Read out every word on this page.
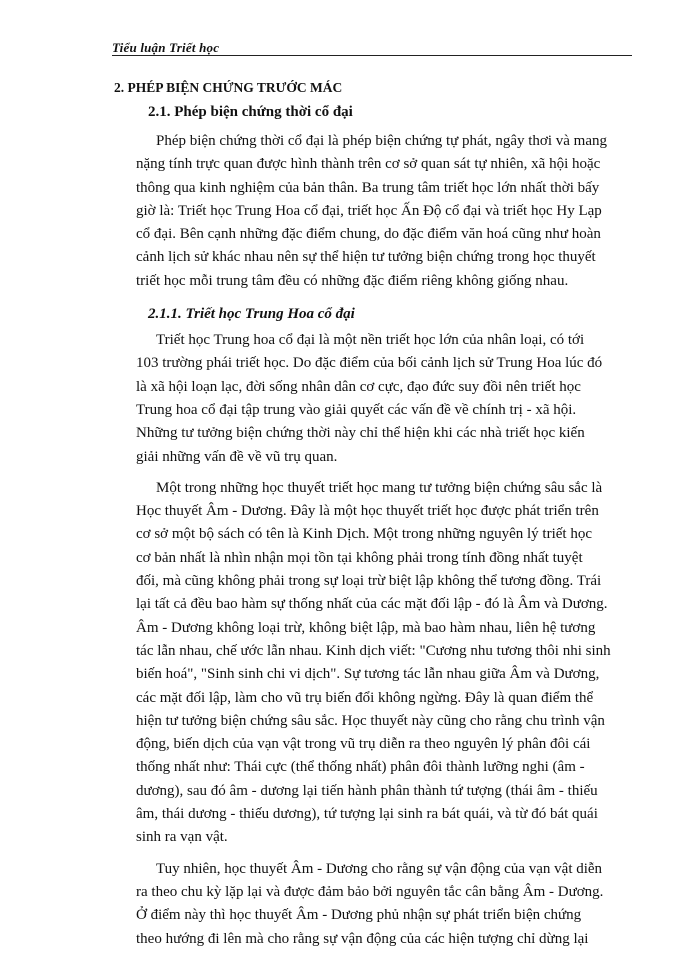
Tiểu luận Triết học
2. PHÉP BIỆN CHỨNG TRƯỚC MÁC
2.1. Phép biện chứng thời cổ đại
Phép biện chứng thời cổ đại là phép biện chứng tự phát, ngây thơi và mang
nặng tính trực quan được hình thành trên cơ sở quan sát tự nhiên, xã hội hoặc
thông qua kinh nghiệm của bản thân. Ba trung tâm triết học lớn nhất thời bấy
giờ là: Triết học Trung Hoa cổ đại, triết học Ấn Độ cổ đại và triết học Hy Lạp
cổ đại. Bên cạnh những đặc điểm chung, do đặc điểm văn hoá cũng như hoàn
cảnh lịch sử khác nhau nên sự thể hiện tư tưởng biện chứng trong học thuyết
triết học mỗi trung tâm đều có những đặc điểm riêng không giống nhau.
2.1.1. Triết học Trung Hoa cổ đại
Triết học Trung hoa cổ đại là một nền triết học lớn của nhân loại, có tới
103 trường phái triết học. Do đặc điểm của bối cảnh lịch sử Trung Hoa lúc đó
là xã hội loạn lạc, đời sống nhân dân cơ cực, đạo đức suy đồi nên triết học
Trung hoa cổ đại tập trung vào giải quyết các vấn đề về chính trị - xã hội.
Những tư tưởng biện chứng thời này chỉ thể hiện khi các nhà triết học kiến
giải những vấn đề về vũ trụ quan.
Một trong những học thuyết triết học mang tư tưởng biện chứng sâu sắc là
Học thuyết Âm - Dương. Đây là một học thuyết triết học được phát triển trên
cơ sở một bộ sách có tên là Kinh Dịch. Một trong những nguyên lý triết học
cơ bản nhất là nhìn nhận mọi tồn tại không phải trong tính đồng nhất tuyệt
đối, mà cũng không phải trong sự loại trừ biệt lập không thể tương đồng. Trái
lại tất cả đều bao hàm sự thống nhất của các mặt đối lập - đó là Âm và Dương.
Âm - Dương không loại trừ, không biệt lập, mà bao hàm nhau, liên hệ tương
tác lẫn nhau, chế ước lẫn nhau. Kinh dịch viết: "Cương nhu tương thôi nhi sinh
biến hoá", "Sinh sinh chi vi dịch". Sự tương tác lẫn nhau giữa Âm và Dương,
các mặt đối lập, làm cho vũ trụ biến đổi không ngừng. Đây là quan điểm thể
hiện tư tưởng biện chứng sâu sắc. Học thuyết này cũng cho rằng chu trình vận
động, biến dịch của vạn vật trong vũ trụ diễn ra theo nguyên lý phân đôi cái
thống nhất như: Thái cực (thể thống nhất) phân đôi thành lưỡng nghi (âm -
dương), sau đó âm - dương lại tiến hành phân thành tứ tượng (thái âm - thiếu
âm, thái dương - thiếu dương), tứ tượng lại sinh ra bát quái, và từ đó bát quái
sinh ra vạn vật.
Tuy nhiên, học thuyết Âm - Dương cho rằng sự vận động của vạn vật diễn
ra theo chu kỳ lặp lại và được đảm bảo bởi nguyên tắc cân bằng Âm - Dương.
Ở điểm này thì học thuyết Âm - Dương phủ nhận sự phát triển biện chứng
theo hướng đi lên mà cho rằng sự vận động của các hiện tượng chỉ dừng lại
